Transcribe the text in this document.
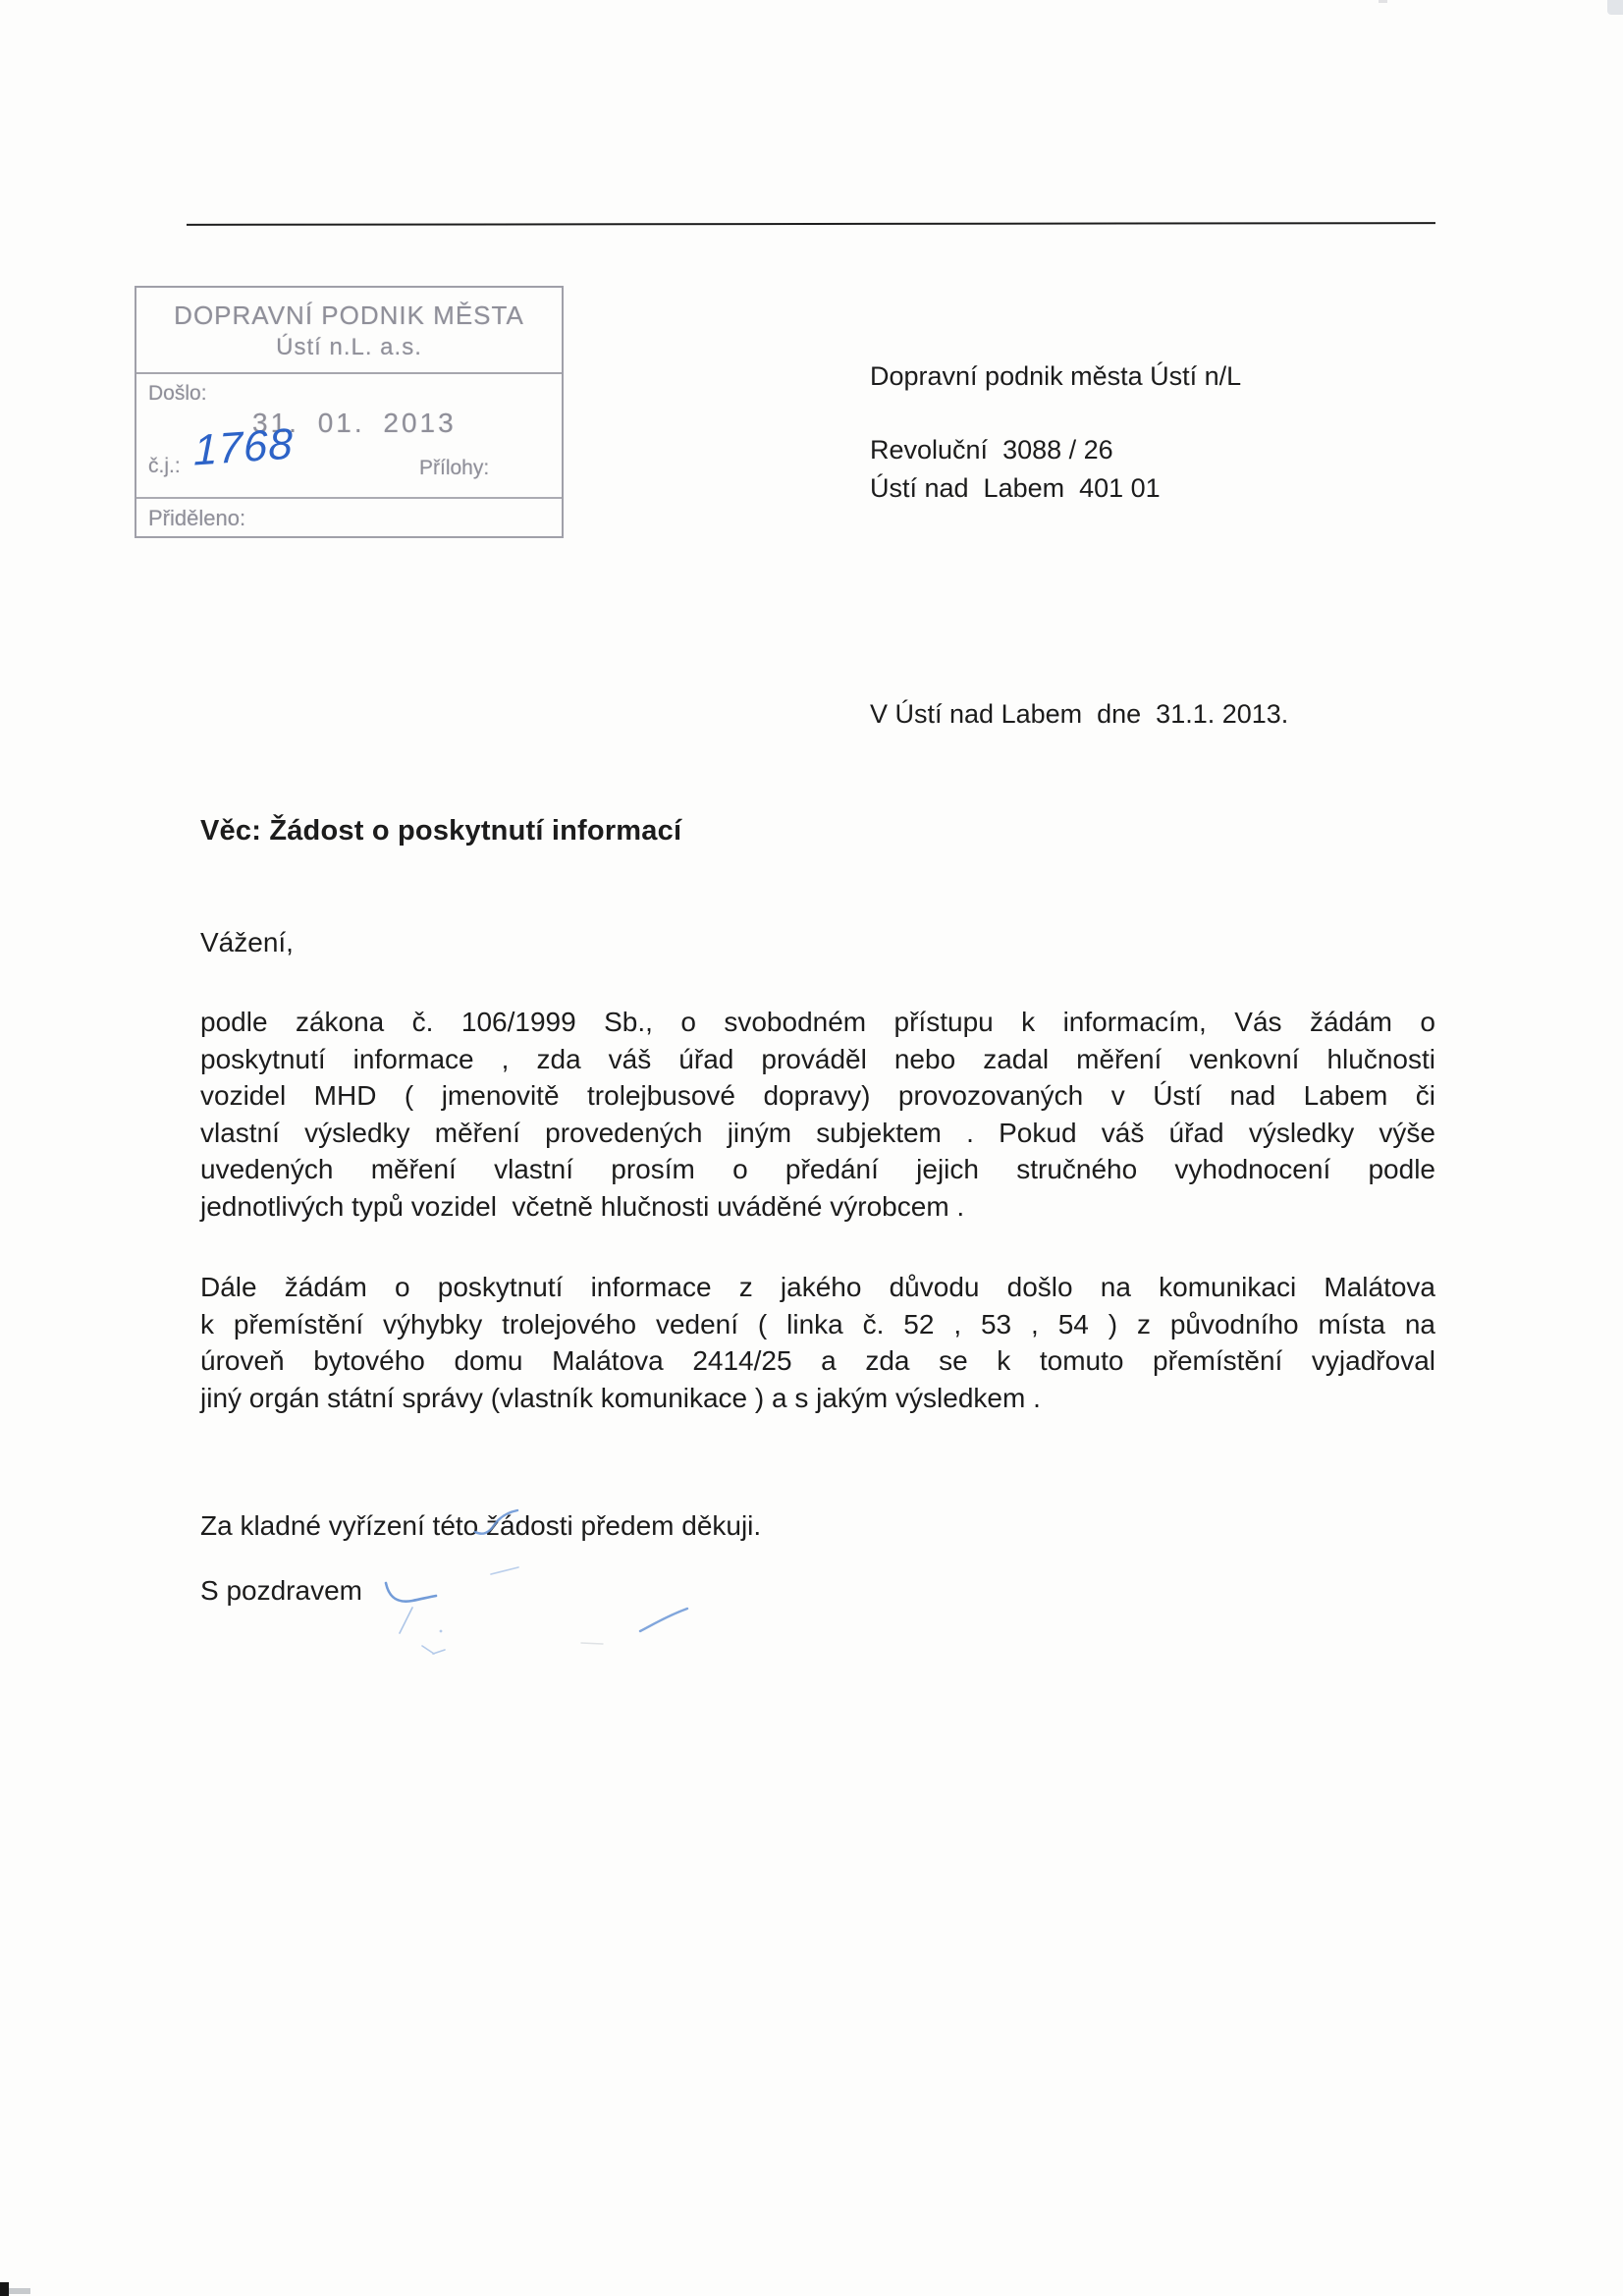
DOPRAVNÍ PODNIK MĚSTA
Ústí n.L. a.s.
Došlo:
31. 01. 2013
č.j.: 1768	Přílohy:
Přiděleno:
Dopravní podnik města Ústí n/L
Revoluční  3088 / 26
Ústí nad  Labem  401 01
V Ústí nad Labem  dne  31.1. 2013.
Věc: Žádost o poskytnutí informací
Vážení,
podle zákona č. 106/1999 Sb., o svobodném přístupu k informacím, Vás žádám o
poskytnutí informace , zda váš úřad prováděl nebo zadal měření venkovní hlučnosti
vozidel MHD ( jmenovitě trolejbusové dopravy) provozovaných v Ústí nad Labem či
vlastní výsledky měření provedených jiným subjektem . Pokud váš úřad výsledky výše
uvedených měření vlastní prosím o předání jejich stručného vyhodnocení podle
jednotlivých typů vozidel  včetně hlučnosti uváděné výrobcem .
Dále žádám o poskytnutí informace z jakého důvodu došlo na komunikaci Malátova
k přemístění výhybky trolejového vedení ( linka č. 52 , 53 , 54 ) z původního místa na
úroveň bytového domu Malátova 2414/25 a zda se k tomuto přemístění vyjadřoval
jiný orgán státní správy (vlastník komunikace ) a s jakým výsledkem .
Za kladné vyřízení této žádosti předem děkuji.
S pozdravem
